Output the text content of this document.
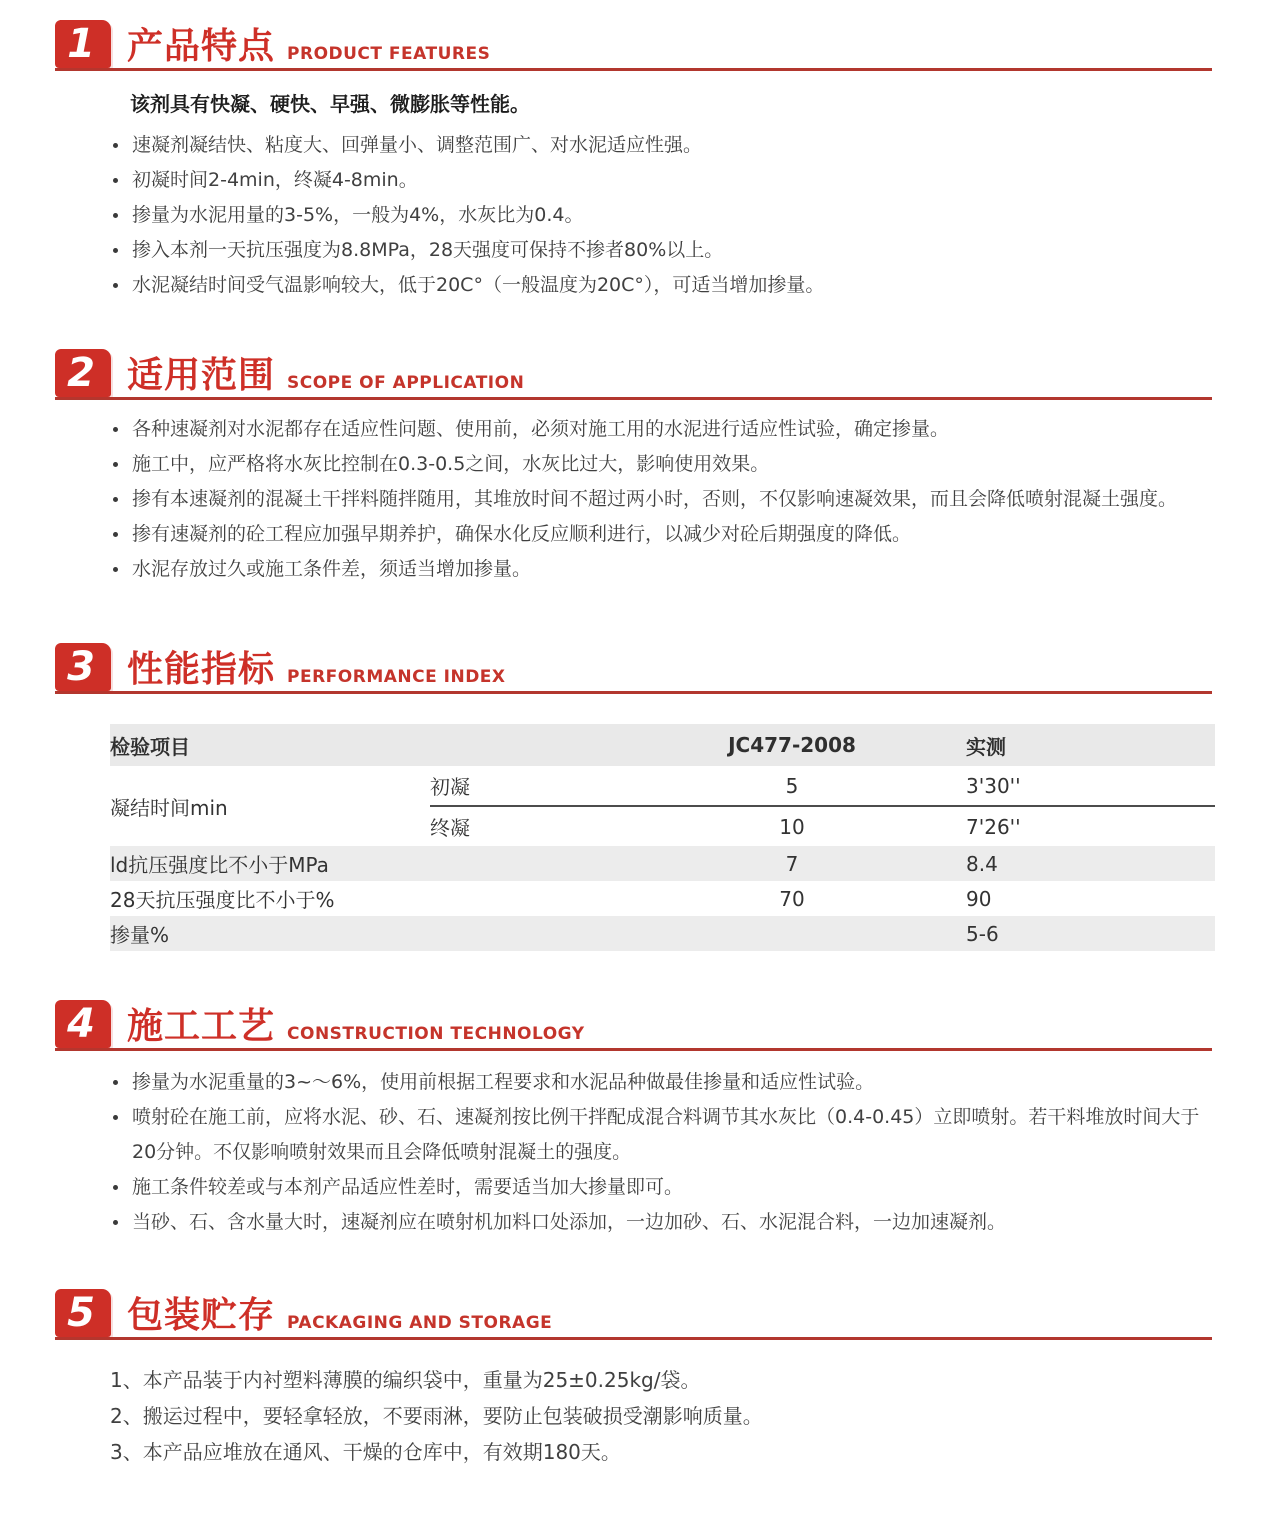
1 产品特点 PRODUCT FEATURES

该剂具有快凝、硬快、早强、微膨胀等性能。

速凝剂凝结快、粘度大、回弹量小、调整范围广、对水泥适应性强。
初凝时间2-4min，终凝4-8min。
掺量为水泥用量的3-5%，一般为4%，水灰比为0.4。
掺入本剂一天抗压强度为8.8MPa，28天强度可保持不掺者80%以上。
水泥凝结时间受气温影响较大，低于20C°（一般温度为20C°），可适当增加掺量。
2 适用范围 SCOPE OF APPLICATION
各种速凝剂对水泥都存在适应性问题、使用前，必须对施工用的水泥进行适应性试验，确定掺量。
施工中，应严格将水灰比控制在0.3-0.5之间，水灰比过大，影响使用效果。
掺有本速凝剂的混凝土干拌料随拌随用，其堆放时间不超过两小时，否则，不仅影响速凝效果，而且会降低喷射混凝土强度。
掺有速凝剂的砼工程应加强早期养护，确保水化反应顺利进行，以减少对砼后期强度的降低。
水泥存放过久或施工条件差，须适当增加掺量。
3 性能指标 PERFORMANCE INDEX
检验项目		JC477-2008	实测
凝结时间min	初凝	5	3'30''
	终凝	10	7'26''
ld抗压强度比不小于MPa		7	8.4
28天抗压强度比不小于%		70	90
掺量%			5-6
4 施工工艺 CONSTRUCTION TECHNOLOGY
掺量为水泥重量的3~～6%，使用前根据工程要求和水泥品种做最佳掺量和适应性试验。
喷射砼在施工前，应将水泥、砂、石、速凝剂按比例干拌配成混合料调节其水灰比（0.4-0.45）立即喷射。若干料堆放时间大于20分钟。不仅影响喷射效果而且会降低喷射混凝土的强度。
施工条件较差或与本剂产品适应性差时，需要适当加大掺量即可。
当砂、石、含水量大时，速凝剂应在喷射机加料口处添加，一边加砂、石、水泥混合料，一边加速凝剂。
5 包装贮存 PACKAGING AND STORAGE
1、本产品装于内衬塑料薄膜的编织袋中，重量为25±0.25kg/袋。
2、搬运过程中，要轻拿轻放，不要雨淋，要防止包装破损受潮影响质量。
3、本产品应堆放在通风、干燥的仓库中，有效期180天。
